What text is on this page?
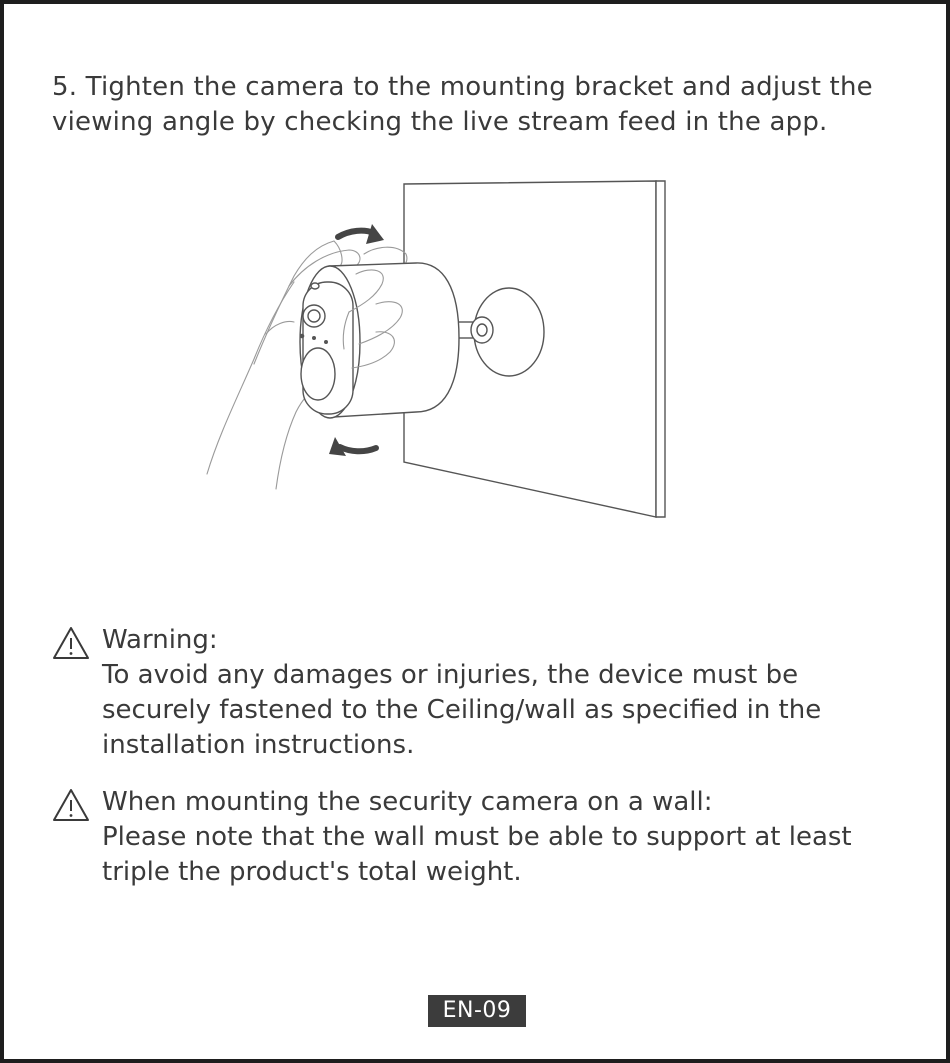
5. Tighten the camera to the mounting bracket and adjust the viewing angle by checking the live stream feed in the app.

Warning:
To avoid any damages or injuries, the device must be
securely fastened to the Ceiling/wall as specified in the
installation instructions.
When mounting the security camera on a wall:
Please note that the wall must be able to support at least
triple the product's total weight.
EN-09
